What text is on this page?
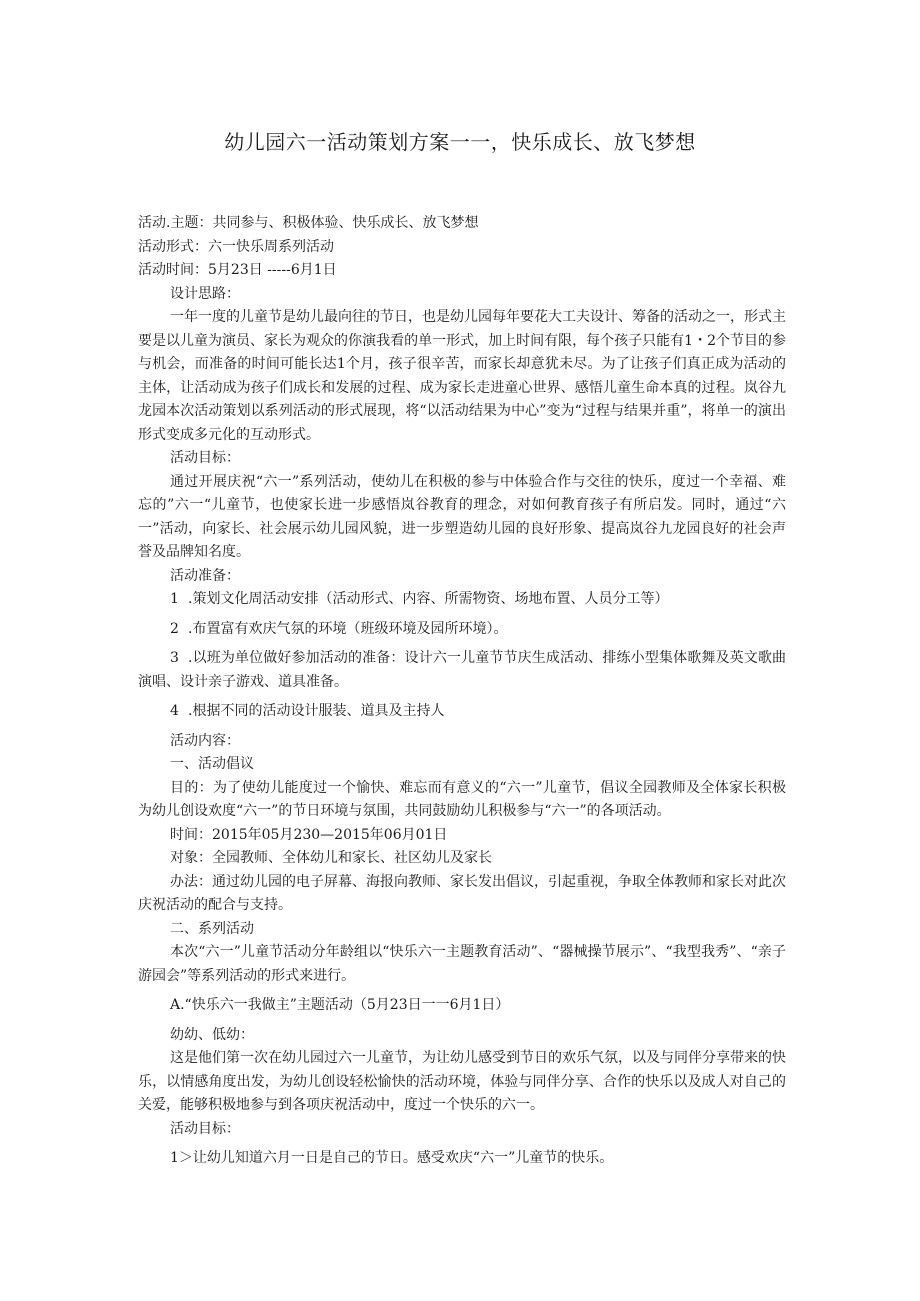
幼儿园六一活动策划方案一一，快乐成长、放飞梦想

活动.主题：共同参与、积极体验、快乐成长、放飞梦想

活动形式：六一快乐周系列活动

活动时间：5月23日 -----6月1日

设计思路：

一年一度的儿童节是幼儿最向往的节日，也是幼儿园每年要花大工夫设计、筹备的活动之一，形式主要是以儿童为演员、家长为观众的你演我看的单一形式，加上时间有限，每个孩子只能有1・2个节目的参与机会，而准备的时间可能长达1个月，孩子很辛苦，而家长却意犹未尽。为了让孩子们真正成为活动的主体，让活动成为孩子们成长和发展的过程、成为家长走进童心世界、感悟儿童生命本真的过程。岚谷九龙园本次活动策划以系列活动的形式展现，将“以活动结果为中心”变为“过程与结果并重”，将单一的演出形式变成多元化的互动形式。

活动目标：

通过开展庆祝“六一”系列活动，使幼儿在积极的参与中体验合作与交往的快乐，度过一个幸福、难忘的”六一“儿童节，也使家长进一步感悟岚谷教育的理念，对如何教育孩子有所启发。同时，通过“六一”活动，向家长、社会展示幼儿园风貌，进一步塑造幼儿园的良好形象、提高岚谷九龙园良好的社会声誉及品牌知名度。

活动准备：

1 .策划文化周活动安排（活动形式、内容、所需物资、场地布置、人员分工等）

2 .布置富有欢庆气氛的环境（班级环境及园所环境）。

3 .以班为单位做好参加活动的准备：设计六一儿童节节庆生成活动、排练小型集体歌舞及英文歌曲演唱、设计亲子游戏、道具准备。

4 .根据不同的活动设计服装、道具及主持人

活动内容：

一、活动倡议

目的：为了使幼儿能度过一个愉快、难忘而有意义的“六一”儿童节，倡议全园教师及全体家长积极为幼儿创设欢度“六一”的节日环境与氛围，共同鼓励幼儿积极参与“六一”的各项活动。

时间：2015年05月230—2015年06月01日

对象：全园教师、全体幼儿和家长、社区幼儿及家长

办法：通过幼儿园的电子屏幕、海报向教师、家长发出倡议，引起重视，争取全体教师和家长对此次庆祝活动的配合与支持。

二、系列活动

本次“六一”儿童节活动分年龄组以“快乐六一主题教育活动”、“器械操节展示”、“我型我秀”、“亲子游园会”等系列活动的形式来进行。

A.“快乐六一我做主”主题活动（5月23日一一6月1日）

幼幼、低幼：

这是他们第一次在幼儿园过六一儿童节，为让幼儿感受到节日的欢乐气氛，以及与同伴分享带来的快乐，以情感角度出发，为幼儿创设轻松愉快的活动环境，体验与同伴分享、合作的快乐以及成人对自己的关爱，能够积极地参与到各项庆祝活动中，度过一个快乐的六一。

活动目标：

1＞让幼儿知道六月一日是自己的节日。感受欢庆“六一”儿童节的快乐。
